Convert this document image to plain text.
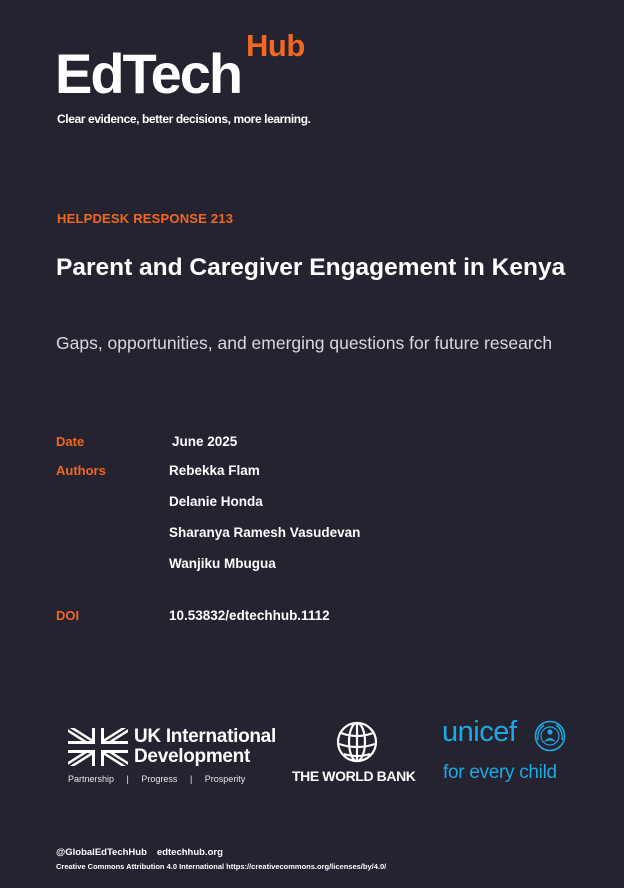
EdTech Hub
Clear evidence, better decisions, more learning.
HELPDESK RESPONSE 213
Parent and Caregiver Engagement in Kenya
Gaps, opportunities, and emerging questions for future research
Date	June 2025
Authors	Rebekka Flam
Delanie Honda
Sharanya Ramesh Vasudevan
Wanjiku Mbugua
DOI	10.53832/edtechhub.1112
UK International
Development
Partnership | Progress | Prosperity	THE WORLD BANK
unicef
for every child
@GlobalEdTechHub edtechhub.org
Creative Commons Attribution 4.0 International https://creativecommons.org/licenses/by/4.0/
